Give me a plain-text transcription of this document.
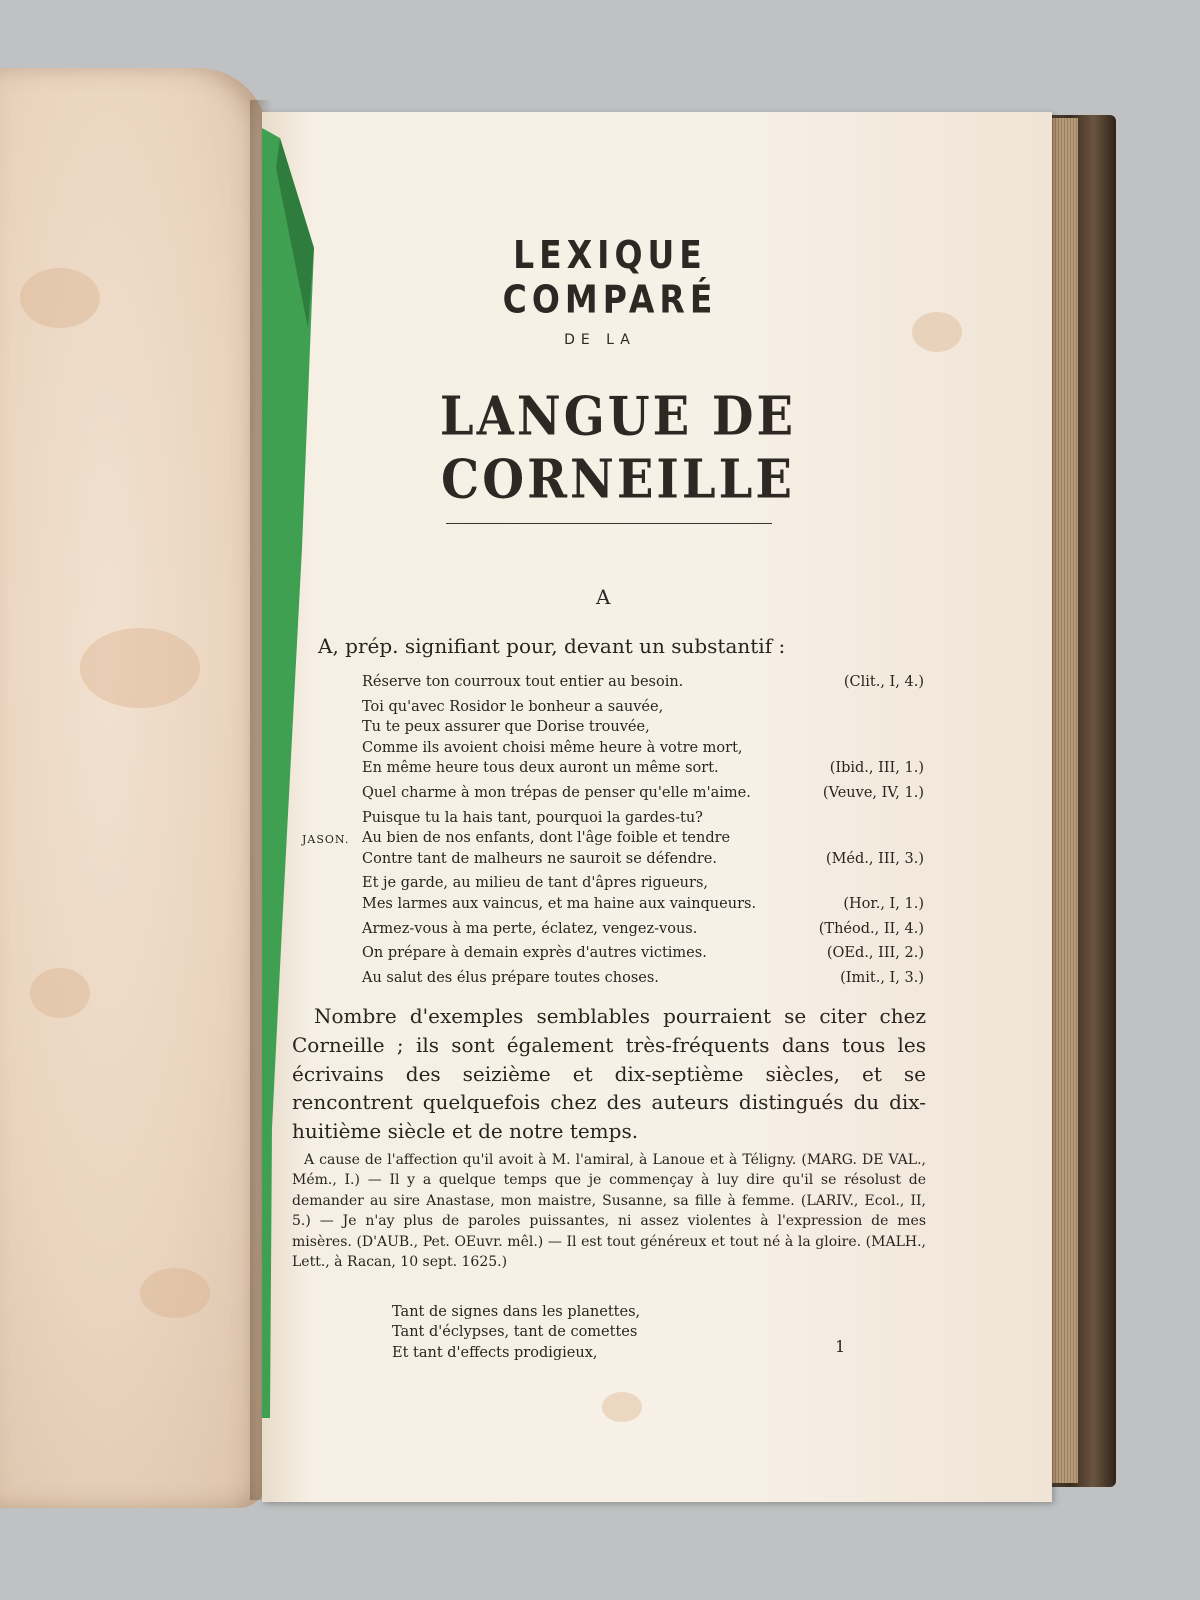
LEXIQUE COMPARÉ
DE LA
LANGUE DE CORNEILLE
A
A, prép. signifiant pour, devant un substantif :
Réserve ton courroux tout entier au besoin.	(Clit., I, 4.)
Toi qu'avec Rosidor le bonheur a sauvée,
Tu te peux assurer que Dorise trouvée,
Comme ils avoient choisi même heure à votre mort,
En même heure tous deux auront un même sort.	(Ibid., III, 1.)
Quel charme à mon trépas de penser qu'elle m'aime.	(Veuve, IV, 1.)
Puisque tu la hais tant, pourquoi la gardes-tu?
JASON. Au bien de nos enfants, dont l'âge foible et tendre
Contre tant de malheurs ne sauroit se défendre.	(Méd., III, 3.)
Et je garde, au milieu de tant d'âpres rigueurs,
Mes larmes aux vaincus, et ma haine aux vainqueurs.	(Hor., I, 1.)
Armez-vous à ma perte, éclatez, vengez-vous.	(Théod., II, 4.)
On prépare à demain exprès d'autres victimes.	(OEd., III, 2.)
Au salut des élus prépare toutes choses.	(Imit., I, 3.)
Nombre d'exemples semblables pourraient se citer chez Corneille ; ils sont également très-fréquents dans tous les écrivains des seizième et dix-septième siècles, et se rencontrent quelquefois chez des auteurs distingués du dix-huitième siècle et de notre temps.
A cause de l'affection qu'il avoit à M. l'amiral, à Lanoue et à Téligny. (MARG. DE VAL., Mém., I.) — Il y a quelque temps que je commençay à luy dire qu'il se résolust de demander au sire Anastase, mon maistre, Susanne, sa fille à femme. (LARIV., Ecol., II, 5.) — Je n'ay plus de paroles puissantes, ni assez violentes à l'expression de mes misères. (D'AUB., Pet. OEuvr. mêl.) — Il est tout généreux et tout né à la gloire. (MALH., Lett., à Racan, 10 sept. 1625.)
Tant de signes dans les planettes,
Tant d'éclypses, tant de comettes
Et tant d'effects prodigieux,	1
